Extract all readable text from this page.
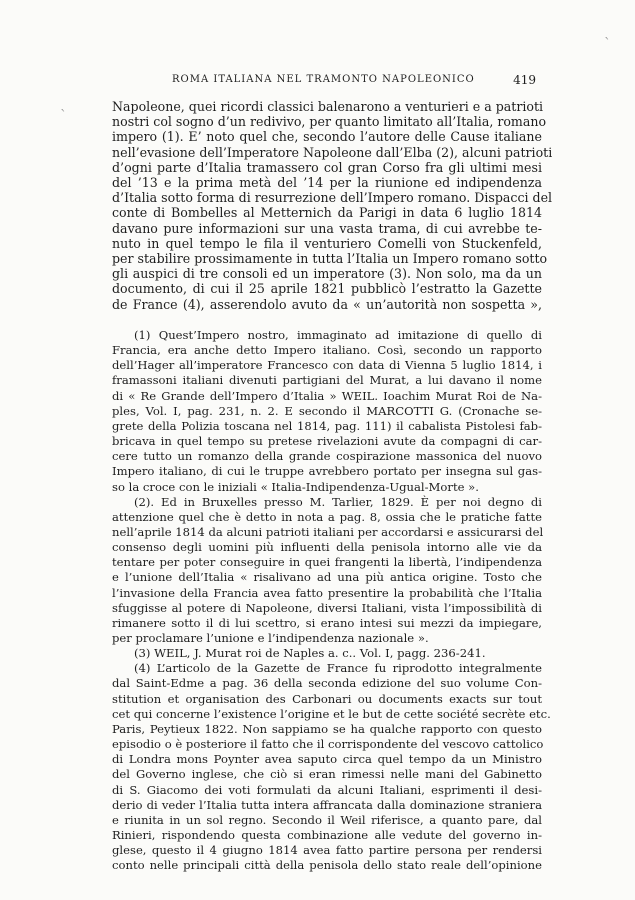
ROMA ITALIANA NEL TRAMONTO NAPOLEONICO	419
Napoleone, quei ricordi classici balenarono a venturieri e a patrioti
nostri col sogno d’un redivivo, per quanto limitato all’Italia, romano
impero (1). E’ noto quel che, secondo l’autore delle Cause italiane
nell’evasione dell’Imperatore Napoleone dall’Elba (2), alcuni patrioti
d’ogni parte d’Italia tramassero col gran Corso fra gli ultimi mesi
del ’13 e la prima metà del ’14 per la riunione ed indipendenza
d’Italia sotto forma di resurrezione dell’Impero romano. Dispacci del
conte di Bombelles al Metternich da Parigi in data 6 luglio 1814
davano pure informazioni sur una vasta trama, di cui avrebbe te-
nuto in quel tempo le fila il venturiero Comelli von Stuckenfeld,
per stabilire prossimamente in tutta l’Italia un Impero romano sotto
gli auspici di tre consoli ed un imperatore (3). Non solo, ma da un
documento, di cui il 25 aprile 1821 pubblicò l’estratto la Gazette
de France (4), asserendolo avuto da « un’autorità non sospetta »,
(1) Quest’Impero nostro, immaginato ad imitazione di quello di
Francia, era anche detto Impero italiano. Così, secondo un rapporto
dell’Hager all’imperatore Francesco con data di Vienna 5 luglio 1814, i
framassoni italiani divenuti partigiani del Murat, a lui davano il nome
di « Re Grande dell’Impero d’Italia » WEIL. Ioachim Murat Roi de Na-
ples, Vol. I, pag. 231, n. 2. E secondo il MARCOTTI G. (Cronache se-
grete della Polizia toscana nel 1814, pag. 111) il cabalista Pistolesi fab-
bricava in quel tempo su pretese rivelazioni avute da compagni di car-
cere tutto un romanzo della grande cospirazione massonica del nuovo
Impero italiano, di cui le truppe avrebbero portato per insegna sul gas-
so la croce con le iniziali « Italia-Indipendenza-Ugual-Morte ».
(2). Ed in Bruxelles presso M. Tarlier, 1829. È per noi degno di
attenzione quel che è detto in nota a pag. 8, ossia che le pratiche fatte
nell’aprile 1814 da alcuni patrioti italiani per accordarsi e assicurarsi del
consenso degli uomini più influenti della penisola intorno alle vie da
tentare per poter conseguire in quei frangenti la libertà, l’indipendenza
e l’unione dell’Italia « risalivano ad una più antica origine. Tosto che
l’invasione della Francia avea fatto presentire la probabilità che l’Italia
sfuggisse al potere di Napoleone, diversi Italiani, vista l’impossibilità di
rimanere sotto il di lui scettro, si erano intesi sui mezzi da impiegare,
per proclamare l’unione e l’indipendenza nazionale ».
(3) WEIL, J. Murat roi de Naples a. c.. Vol. I, pagg. 236-241.
(4) L’articolo de la Gazette de France fu riprodotto integralmente
dal Saint-Edme a pag. 36 della seconda edizione del suo volume Con-
stitution et organisation des Carbonari ou documents exacts sur tout
cet qui concerne l’existence l’origine et le but de cette société secrète etc.
Paris, Peytieux 1822. Non sappiamo se ha qualche rapporto con questo
episodio o è posteriore il fatto che il corrispondente del vescovo cattolico
di Londra mons Poynter avea saputo circa quel tempo da un Ministro
del Governo inglese, che ciò si eran rimessi nelle mani del Gabinetto
di S. Giacomo dei voti formulati da alcuni Italiani, esprimenti il desi-
derio di veder l’Italia tutta intera affrancata dalla dominazione straniera
e riunita in un sol regno. Secondo il Weil riferisce, a quanto pare, dal
Rinieri, rispondendo questa combinazione alle vedute del governo in-
glese, questo il 4 giugno 1814 avea fatto partire persona per rendersi
conto nelle principali città della penisola dello stato reale dell’opinione
ˋ
ˋ
